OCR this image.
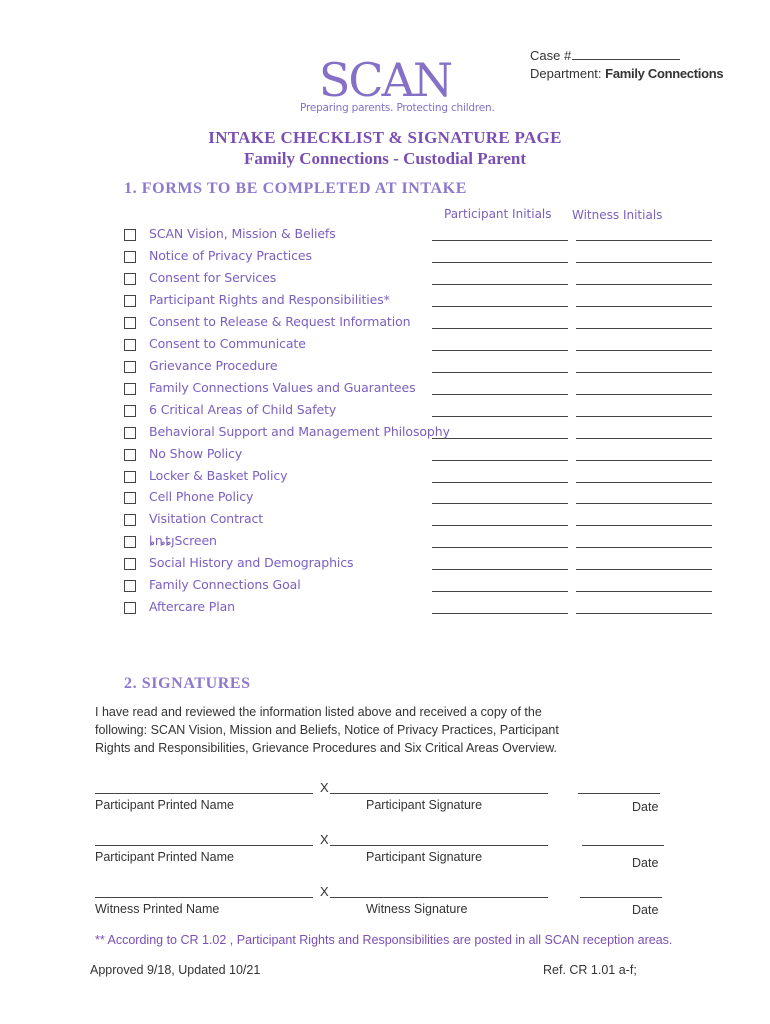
Case #
Department: Family Connections
SCAN
Preparing parents. Protecting children.
INTAKE CHECKLIST & SIGNATURE PAGE
Family Connections - Custodial Parent
1. FORMS TO BE COMPLETED AT INTAKE
Participant Initials Witness Initials
SCAN Vision, Mission & Beliefs
Notice of Privacy Practices
Consent for Services
Participant Rights and Responsibilities*
Consent to Release & Request Information
Consent to Communicate
Grievance Procedure
Family Connections Values and Guarantees
6 Critical Areas of Child Safety
Behavioral Support and Management Philosophy
No Show Policy
Locker & Basket Policy
Cell Phone Policy
Visitation Contract
ȴȵȶȷScreen
Social History and Demographics
Family Connections Goal
Aftercare Plan
2. SIGNATURES
I have read and reviewed the information listed above and received a copy of the following: SCAN Vision, Mission and Beliefs, Notice of Privacy Practices, Participant Rights and Responsibilities, Grievance Procedures and Six Critical Areas Overview.
X
Participant Printed Name	Participant Signature	Date
X
Participant Printed Name	Participant Signature	Date
X
Witness Printed Name	Witness Signature	Date
** According to CR 1.02 , Participant Rights and Responsibilities are posted in all SCAN reception areas.
Approved 9/18, Updated 10/21	Ref. CR 1.01 a-f;
